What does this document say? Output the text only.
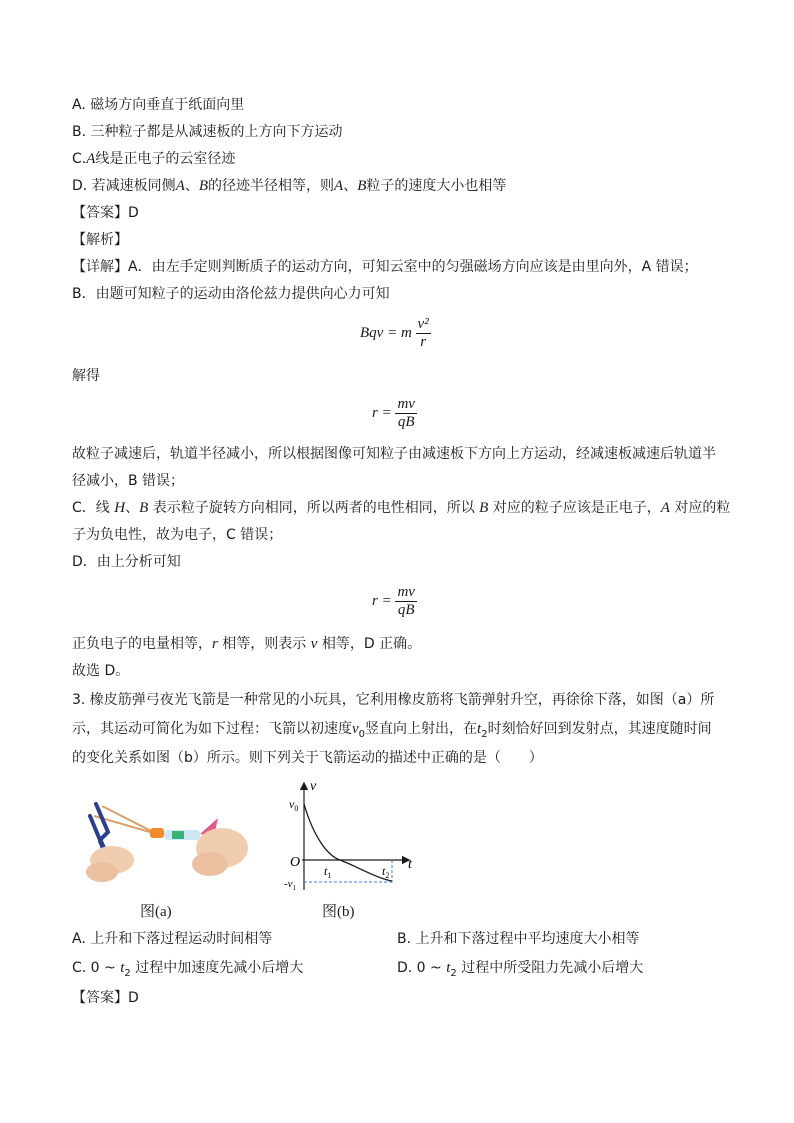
A. 磁场方向垂直于纸面向里
B. 三种粒子都是从减速板的上方向下方运动
C.A线是正电子的云室径迹
D. 若减速板同侧A、B的径迹半径相等，则A、B粒子的速度大小也相等
【答案】D
【解析】
【详解】A．由左手定则判断质子的运动方向，可知云室中的匀强磁场方向应该是由里向外，A 错误；
B．由题可知粒子的运动由洛伦兹力提供向心力可知
Bqv = m $\frac{\text{v²}}{r}$
解得
$r = \frac{mv}{qB}$
故粒子减速后，轨道半径减小，所以根据图像可知粒子由减速板下方向上方运动，经减速板减速后轨道半
径减小，B 错误；
C．线 H、B 表示粒子旋转方向相同，所以两者的电性相同，所以 B 对应的粒子应该是正电子，A 对应的粒
子为负电性，故为电子，C 错误；
D．由上分析可知
$r = \frac{mv}{qB}$
正负电子的电量相等，r 相等，则表示 v 相等，D 正确。
故选 D。
3. 橡皮筋弹弓夜光飞箭是一种常见的小玩具，它利用橡皮筋将飞箭弹射升空，再徐徐下落，如图（a）所
示，其运动可简化为如下过程：飞箭以初速度$v_0$竖直向上射出，在$t_2$时刻恰好回到发射点，其速度随时间
的变化关系如图（b）所示。则下列关于飞箭运动的描述中正确的是（　　）
图(a)
v
t
O
$v_0$
$-v_1$
$t_1$	$t_2$
图(b)
A. 上升和下落过程运动时间相等	B. 上升和下落过程中平均速度大小相等
C. 0 ~ $t_2$ 过程中加速度先减小后增大	D. 0 ~ $t_2$ 过程中所受阻力先减小后增大
【答案】D
